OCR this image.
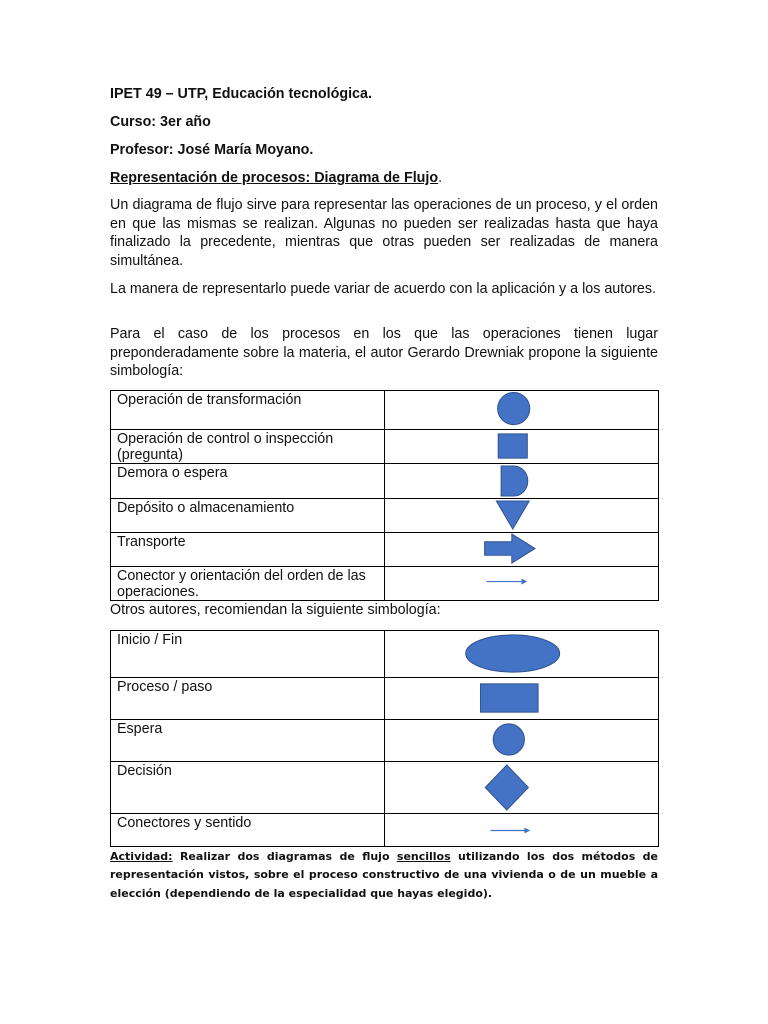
IPET 49 – UTP, Educación tecnológica.
Curso: 3er año
Profesor: José María Moyano.
Representación de procesos: Diagrama de Flujo.

Un diagrama de flujo sirve para representar las operaciones de un proceso, y el orden en que las mismas se realizan. Algunas no pueden ser realizadas hasta que haya finalizado la precedente, mientras que otras pueden ser realizadas de manera simultánea.

La manera de representarlo puede variar de acuerdo con la aplicación y a los autores.

Para el caso de los procesos en los que las operaciones tienen lugar preponderadamente sobre la materia, el autor Gerardo Drewniak propone la siguiente simbología:

Operación de transformación

Operación de control o inspección (pregunta)

Demora o espera

Depósito o almacenamiento

Transporte

Conector y orientación del orden de las operaciones.

Otros autores, recomiendan la siguiente simbología:
Inicio / Fin

Proceso / paso

Espera

Decisión

Conectores y sentido

Actividad: Realizar dos diagramas de flujo sencillos utilizando los dos métodos de representación vistos, sobre el proceso constructivo de una vivienda o de un mueble a elección (dependiendo de la especialidad que hayas elegido).
